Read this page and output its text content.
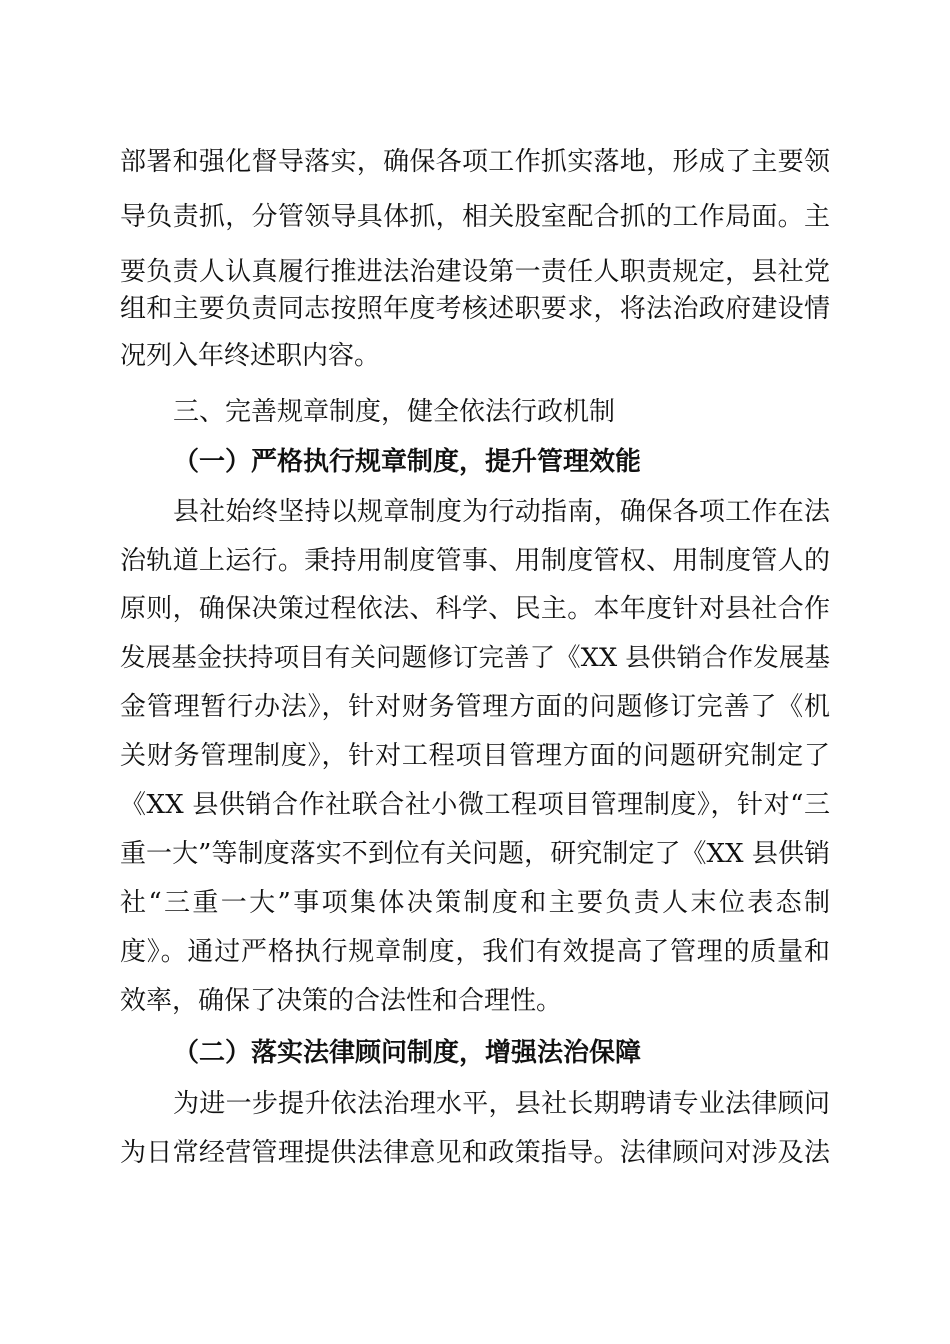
部署和强化督导落实，确保各项工作抓实落地，形成了主要领
导负责抓，分管领导具体抓，相关股室配合抓的工作局面。主
要负责人认真履行推进法治建设第一责任人职责规定，县社党
组和主要负责同志按照年度考核述职要求，将法治政府建设情
况列入年终述职内容。
三、完善规章制度，健全依法行政机制
（一）严格执行规章制度，提升管理效能
县社始终坚持以规章制度为行动指南，确保各项工作在法
治轨道上运行。秉持用制度管事、用制度管权、用制度管人的
原则，确保决策过程依法、科学、民主。本年度针对县社合作
发展基金扶持项目有关问题修订完善了《XX 县供销合作发展基
金管理暂行办法》，针对财务管理方面的问题修订完善了《机
关财务管理制度》，针对工程项目管理方面的问题研究制定了
《XX 县供销合作社联合社小微工程项目管理制度》，针对“三
重一大”等制度落实不到位有关问题，研究制定了《XX 县供销
社“三重一大”事项集体决策制度和主要负责人末位表态制
度》。通过严格执行规章制度，我们有效提高了管理的质量和
效率，确保了决策的合法性和合理性。
（二）落实法律顾问制度，增强法治保障
为进一步提升依法治理水平，县社长期聘请专业法律顾问
为日常经营管理提供法律意见和政策指导。法律顾问对涉及法
